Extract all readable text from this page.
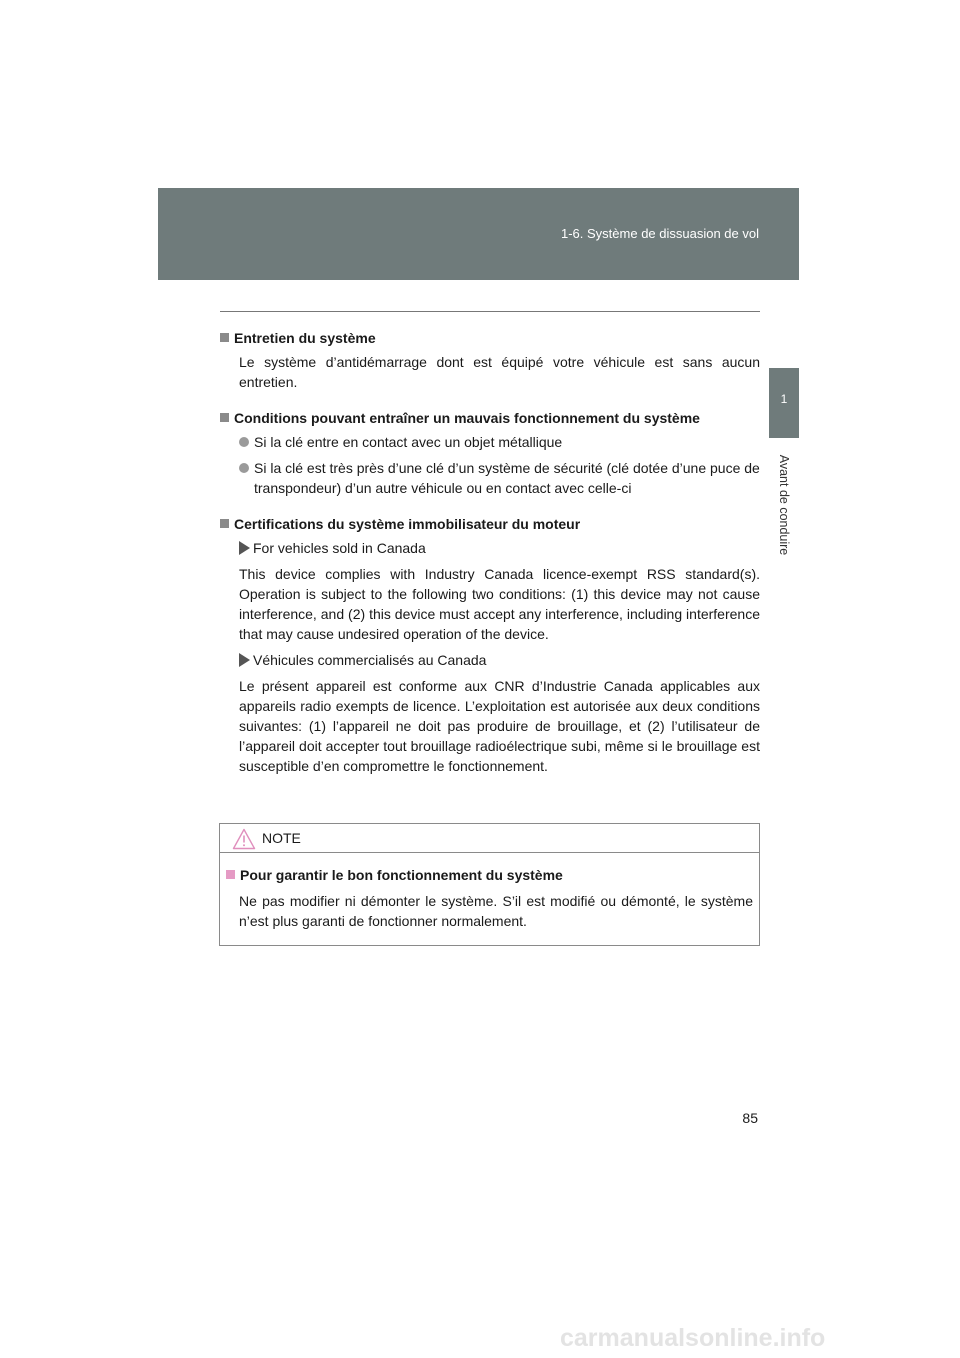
1-6. Système de dissuasion de vol
1
Avant de conduire
Entretien du système
Le système d’antidémarrage dont est équipé votre véhicule est sans aucun entretien.
Conditions pouvant entraîner un mauvais fonctionnement du système
Si la clé entre en contact avec un objet métallique
Si la clé est très près d’une clé d’un système de sécurité (clé dotée d’une puce de transpondeur) d’un autre véhicule ou en contact avec celle-ci
Certifications du système immobilisateur du moteur
For vehicles sold in Canada
This device complies with Industry Canada licence-exempt RSS standard(s). Operation is subject to the following two conditions: (1) this device may not cause interference, and (2) this device must accept any interference, including interference that may cause undesired operation of the device.
Véhicules commercialisés au Canada
Le présent appareil est conforme aux CNR d’Industrie Canada applicables aux appareils radio exempts de licence. L’exploitation est autorisée aux deux conditions suivantes: (1) l’appareil ne doit pas produire de brouillage, et (2) l’utilisateur de l’appareil doit accepter tout brouillage radioélectrique subi, même si le brouillage est susceptible d’en compromettre le fonctionnement.
NOTE
Pour garantir le bon fonctionnement du système
Ne pas modifier ni démonter le système. S’il est modifié ou démonté, le système n’est plus garanti de fonctionner normalement.
85
carmanualsonline.info
